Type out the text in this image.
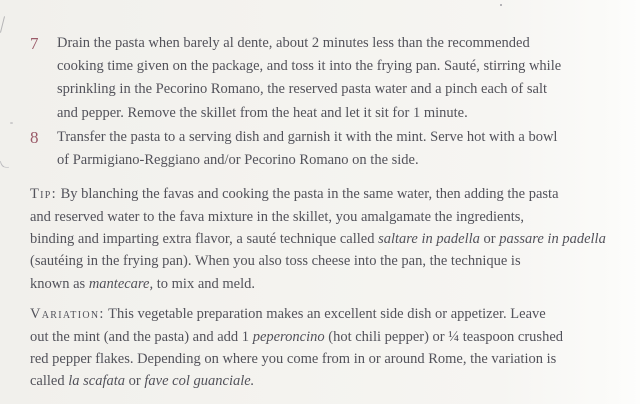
7	Drain the pasta when barely al dente, about 2 minutes less than the recommended
cooking time given on the package, and toss it into the frying pan. Sauté, stirring while
sprinkling in the Pecorino Romano, the reserved pasta water and a pinch each of salt
and pepper. Remove the skillet from the heat and let it sit for 1 minute.
8	Transfer the pasta to a serving dish and garnish it with the mint. Serve hot with a bowl
of Parmigiano-Reggiano and/or Pecorino Romano on the side.
Tip: By blanching the favas and cooking the pasta in the same water, then adding the pasta
and reserved water to the fava mixture in the skillet, you amalgamate the ingredients,
binding and imparting extra flavor, a sauté technique called saltare in padella or passare in padella
(sautéing in the frying pan). When you also toss cheese into the pan, the technique is
known as mantecare, to mix and meld.
Variation: This vegetable preparation makes an excellent side dish or appetizer. Leave
out the mint (and the pasta) and add 1 peperoncino (hot chili pepper) or ¼ teaspoon crushed
red pepper flakes. Depending on where you come from in or around Rome, the variation is
called la scafata or fave col guanciale.
